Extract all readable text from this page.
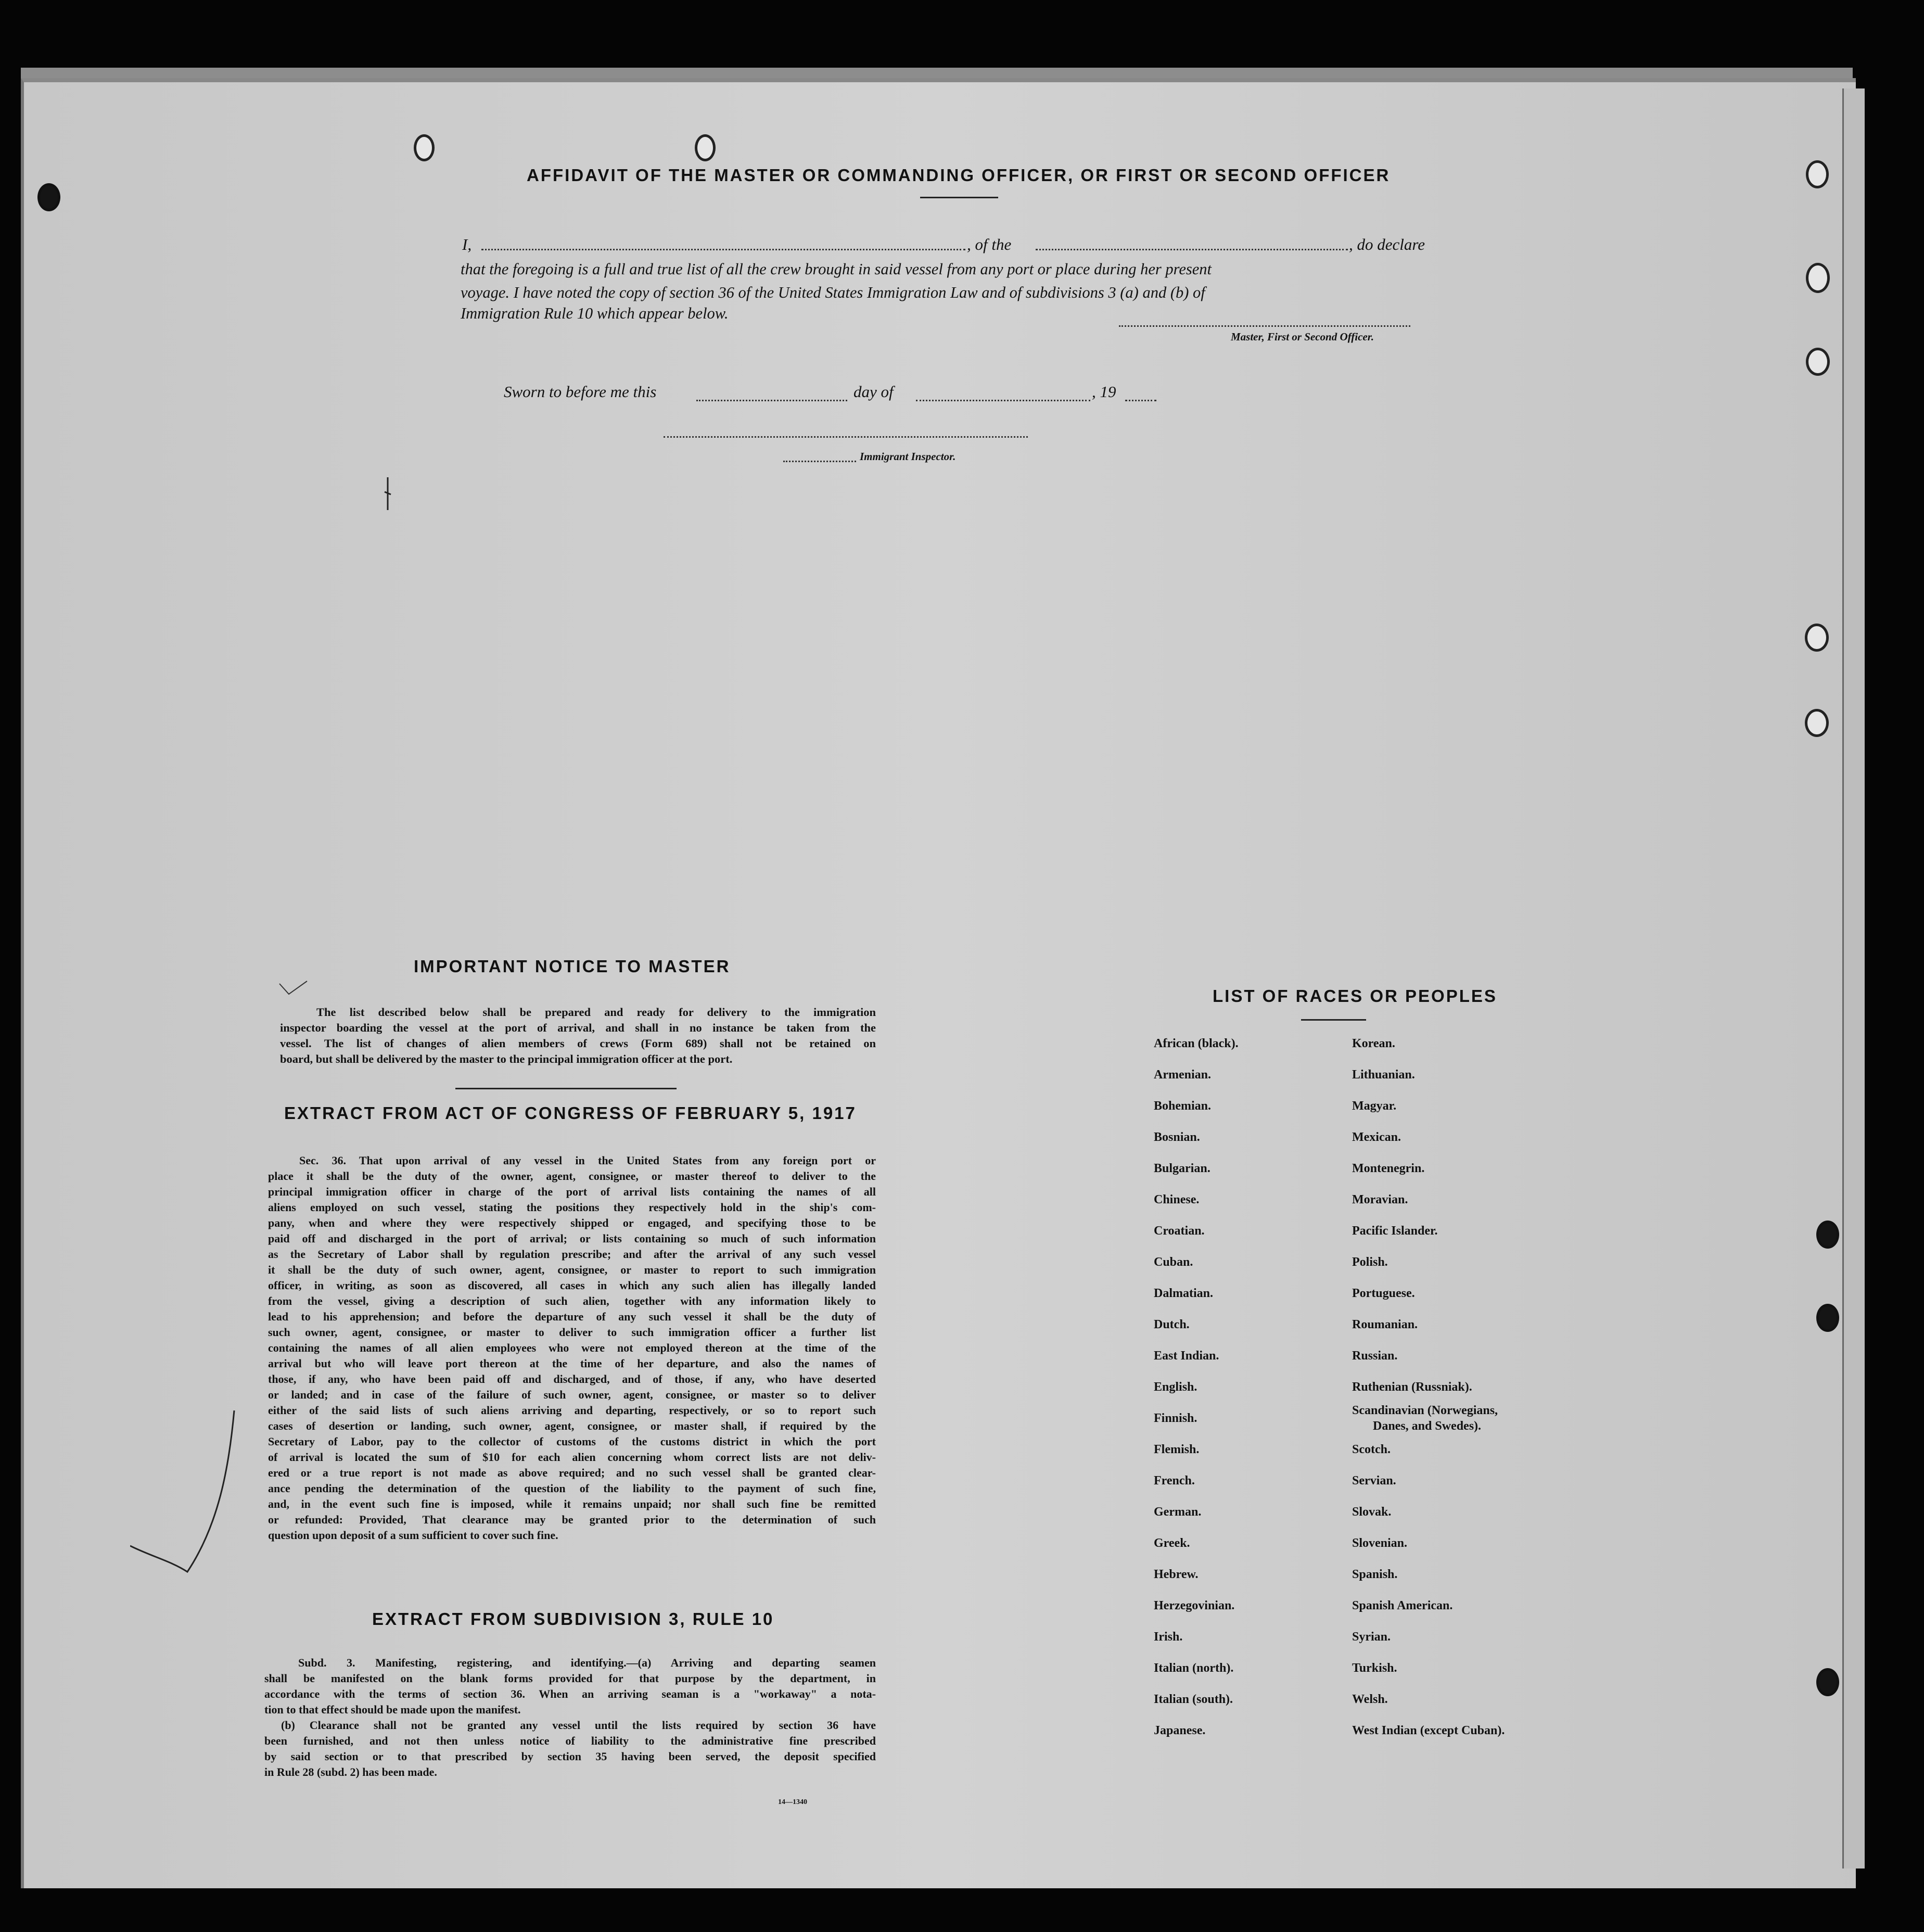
AFFIDAVIT OF THE MASTER OR COMMANDING OFFICER, OR FIRST OR SECOND OFFICER
I,	, of the	, do declare
that the foregoing is a full and true list of all the crew brought in said vessel from any port or place during her present
voyage. I have noted the copy of section 36 of the United States Immigration Law and of subdivisions 3 (a) and (b) of
Immigration Rule 10 which appear below.
Master, First or Second Officer.
Sworn to before me this	day of	, 19
Immigrant Inspector.
IMPORTANT NOTICE TO MASTER
The list described below shall be prepared and ready for delivery to the immigration
inspector boarding the vessel at the port of arrival, and shall in no instance be taken from the
vessel. The list of changes of alien members of crews (Form 689) shall not be retained on
board, but shall be delivered by the master to the principal immigration officer at the port.
EXTRACT FROM ACT OF CONGRESS OF FEBRUARY 5, 1917
Sec. 36. That upon arrival of any vessel in the United States from any foreign port or
place it shall be the duty of the owner, agent, consignee, or master thereof to deliver to the
principal immigration officer in charge of the port of arrival lists containing the names of all
aliens employed on such vessel, stating the positions they respectively hold in the ship's com-
pany, when and where they were respectively shipped or engaged, and specifying those to be
paid off and discharged in the port of arrival; or lists containing so much of such information
as the Secretary of Labor shall by regulation prescribe; and after the arrival of any such vessel
it shall be the duty of such owner, agent, consignee, or master to report to such immigration
officer, in writing, as soon as discovered, all cases in which any such alien has illegally landed
from the vessel, giving a description of such alien, together with any information likely to
lead to his apprehension; and before the departure of any such vessel it shall be the duty of
such owner, agent, consignee, or master to deliver to such immigration officer a further list
containing the names of all alien employees who were not employed thereon at the time of the
arrival but who will leave port thereon at the time of her departure, and also the names of
those, if any, who have been paid off and discharged, and of those, if any, who have deserted
or landed; and in case of the failure of such owner, agent, consignee, or master so to deliver
either of the said lists of such aliens arriving and departing, respectively, or so to report such
cases of desertion or landing, such owner, agent, consignee, or master shall, if required by the
Secretary of Labor, pay to the collector of customs of the customs district in which the port
of arrival is located the sum of $10 for each alien concerning whom correct lists are not deliv-
ered or a true report is not made as above required; and no such vessel shall be granted clear-
ance pending the determination of the question of the liability to the payment of such fine,
and, in the event such fine is imposed, while it remains unpaid; nor shall such fine be remitted
or refunded: Provided, That clearance may be granted prior to the determination of such
question upon deposit of a sum sufficient to cover such fine.
EXTRACT FROM SUBDIVISION 3, RULE 10
Subd. 3. Manifesting, registering, and identifying.—(a) Arriving and departing seamen
shall be manifested on the blank forms provided for that purpose by the department, in
accordance with the terms of section 36. When an arriving seaman is a "workaway" a nota-
tion to that effect should be made upon the manifest.
(b) Clearance shall not be granted any vessel until the lists required by section 36 have
been furnished, and not then unless notice of liability to the administrative fine prescribed
by said section or to that prescribed by section 35 having been served, the deposit specified
in Rule 28 (subd. 2) has been made.
14—1340
LIST OF RACES OR PEOPLES
African (black).
Armenian.
Bohemian.
Bosnian.
Bulgarian.
Chinese.
Croatian.
Cuban.
Dalmatian.
Dutch.
East Indian.
English.
Finnish.
Flemish.
French.
German.
Greek.
Hebrew.
Herzegovinian.
Irish.
Italian (north).
Italian (south).
Japanese.
Korean.
Lithuanian.
Magyar.
Mexican.
Montenegrin.
Moravian.
Pacific Islander.
Polish.
Portuguese.
Roumanian.
Russian.
Ruthenian (Russniak).
Scandinavian (Norwegians,
Danes, and Swedes).
Scotch.
Servian.
Slovak.
Slovenian.
Spanish.
Spanish American.
Syrian.
Turkish.
Welsh.
West Indian (except Cuban).
